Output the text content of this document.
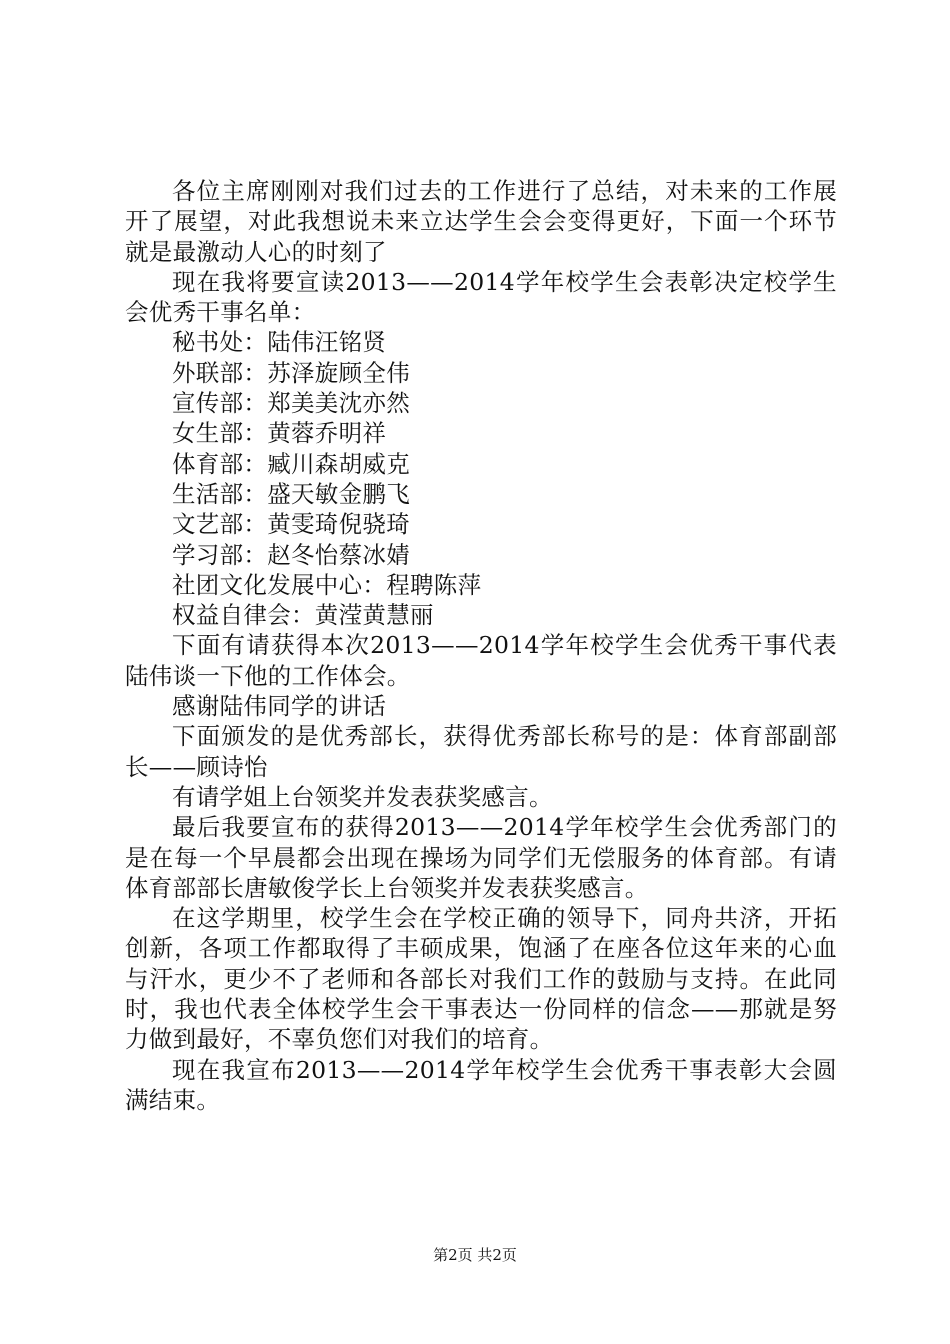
各位主席刚刚对我们过去的工作进行了总结，对未来的工作展开了展望，对此我想说未来立达学生会会变得更好，下面一个环节就是最激动人心的时刻了

现在我将要宣读2013——2014学年校学生会表彰决定校学生会优秀干事名单：

秘书处：陆伟汪铭贤

外联部：苏泽旋顾全伟

宣传部：郑美美沈亦然

女生部：黄蓉乔明祥

体育部：臧川森胡威克

生活部：盛天敏金鹏飞

文艺部：黄雯琦倪骁琦

学习部：赵冬怡蔡冰婧

社团文化发展中心：程聘陈萍

权益自律会：黄滢黄慧丽

下面有请获得本次2013——2014学年校学生会优秀干事代表陆伟谈一下他的工作体会。

感谢陆伟同学的讲话

下面颁发的是优秀部长，获得优秀部长称号的是：体育部副部长——顾诗怡

有请学姐上台领奖并发表获奖感言。

最后我要宣布的获得2013——2014学年校学生会优秀部门的是在每一个早晨都会出现在操场为同学们无偿服务的体育部。有请体育部部长唐敏俊学长上台领奖并发表获奖感言。

在这学期里，校学生会在学校正确的领导下，同舟共济，开拓创新，各项工作都取得了丰硕成果，饱涵了在座各位这年来的心血与汗水，更少不了老师和各部长对我们工作的鼓励与支持。在此同时，我也代表全体校学生会干事表达一份同样的信念——那就是努力做到最好，不辜负您们对我们的培育。

现在我宣布2013——2014学年校学生会优秀干事表彰大会圆满结束。

第2页 共2页
